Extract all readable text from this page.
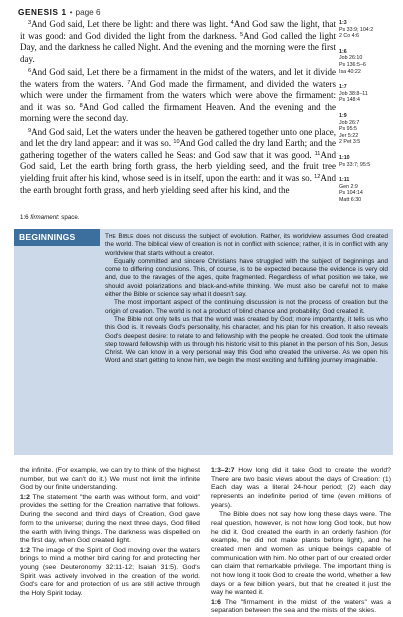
GENESIS 1 • page 6

$^3$And God said, Let there be light: and there was light. $^4$And God saw the light, that it was good: and God divided the light from the darkness. $^5$And God called the light Day, and the darkness he called Night. And the evening and the morning were the first day.

$^6$And God said, Let there be a firmament in the midst of the waters, and let it divide the waters from the waters. $^7$And God made the firmament, and divided the waters which were under the firmament from the waters which were above the firmament: and it was so. $^8$And God called the firmament Heaven. And the evening and the morning were the second day.

$^9$And God said, Let the waters under the heaven be gathered together unto one place, and let the dry land appear: and it was so. $^{10}$And God called the dry land Earth; and the gathering together of the waters called he Seas: and God saw that it was good. $^{11}$And God said, Let the earth bring forth grass, the herb yielding seed, and the fruit tree yielding fruit after his kind, whose seed is in itself, upon the earth: and it was so. $^{12}$And the earth brought forth grass, and herb yielding seed after his kind, and the

1:3
Ps 33:9; 104:2
2 Co 4:6
1:6
Job 26:10
Ps 136:5–6
Isa 40:22
1:7
Job 38:8–11
Ps 148:4
1:9
Job 26:7
Ps 95:5
Jer 5:22
2 Pet 3:5
1:10
Ps 33:7; 95:5
1:11
Gen 2:9
Ps 104:14
Matt 6:30
1:6 firmament: space.
BEGINNINGS	The Bible does not discuss the subject of evolution. Rather, its worldview assumes God created the world. The biblical view of creation is not in conflict with science; rather, it is in conflict with any worldview that starts without a creator.

Equally committed and sincere Christians have struggled with the subject of beginnings and come to differing conclusions. This, of course, is to be expected because the evidence is very old and, due to the ravages of the ages, quite fragmented. Regardless of what position we take, we should avoid polarizations and black-and-white thinking. We must also be careful not to make either the Bible or science say what it doesn't say.

The most important aspect of the continuing discussion is not the process of creation but the origin of creation. The world is not a product of blind chance and probability; God created it.

The Bible not only tells us that the world was created by God; more importantly, it tells us who this God is. It reveals God's personality, his character, and his plan for his creation. It also reveals God's deepest desire: to relate to and fellowship with the people he created. God took the ultimate step toward fellowship with us through his historic visit to this planet in the person of his Son, Jesus Christ. We can know in a very personal way this God who created the universe. As we open his Word and start getting to know him, we begin the most exciting and fulfilling journey imaginable.

the infinite. (For example, we can try to think of the highest number, but we can't do it.) We must not limit the infinite God by our finite understanding.

1:2 The statement "the earth was without form, and void" provides the setting for the Creation narrative that follows. During the second and third days of Creation, God gave form to the universe; during the next three days, God filled the earth with living things. The darkness was dispelled on the first day, when God created light.

1:2 The image of the Spirit of God moving over the waters brings to mind a mother bird caring for and protecting her young (see Deuteronomy 32:11-12; Isaiah 31:5). God's Spirit was actively involved in the creation of the world. God's care for and protection of us are still active through the Holy Spirit today.

1:3–2:7 How long did it take God to create the world? There are two basic views about the days of Creation: (1) Each day was a literal 24-hour period; (2) each day represents an indefinite period of time (even millions of years).

The Bible does not say how long these days were. The real question, however, is not how long God took, but how he did it. God created the earth in an orderly fashion (for example, he did not make plants before light), and he created men and women as unique beings capable of communication with him. No other part of our created order can claim that remarkable privilege. The important thing is not how long it took God to create the world, whether a few days or a few billion years, but that he created it just the way he wanted it.

1:6 The "firmament in the midst of the waters" was a separation between the sea and the mists of the skies.
